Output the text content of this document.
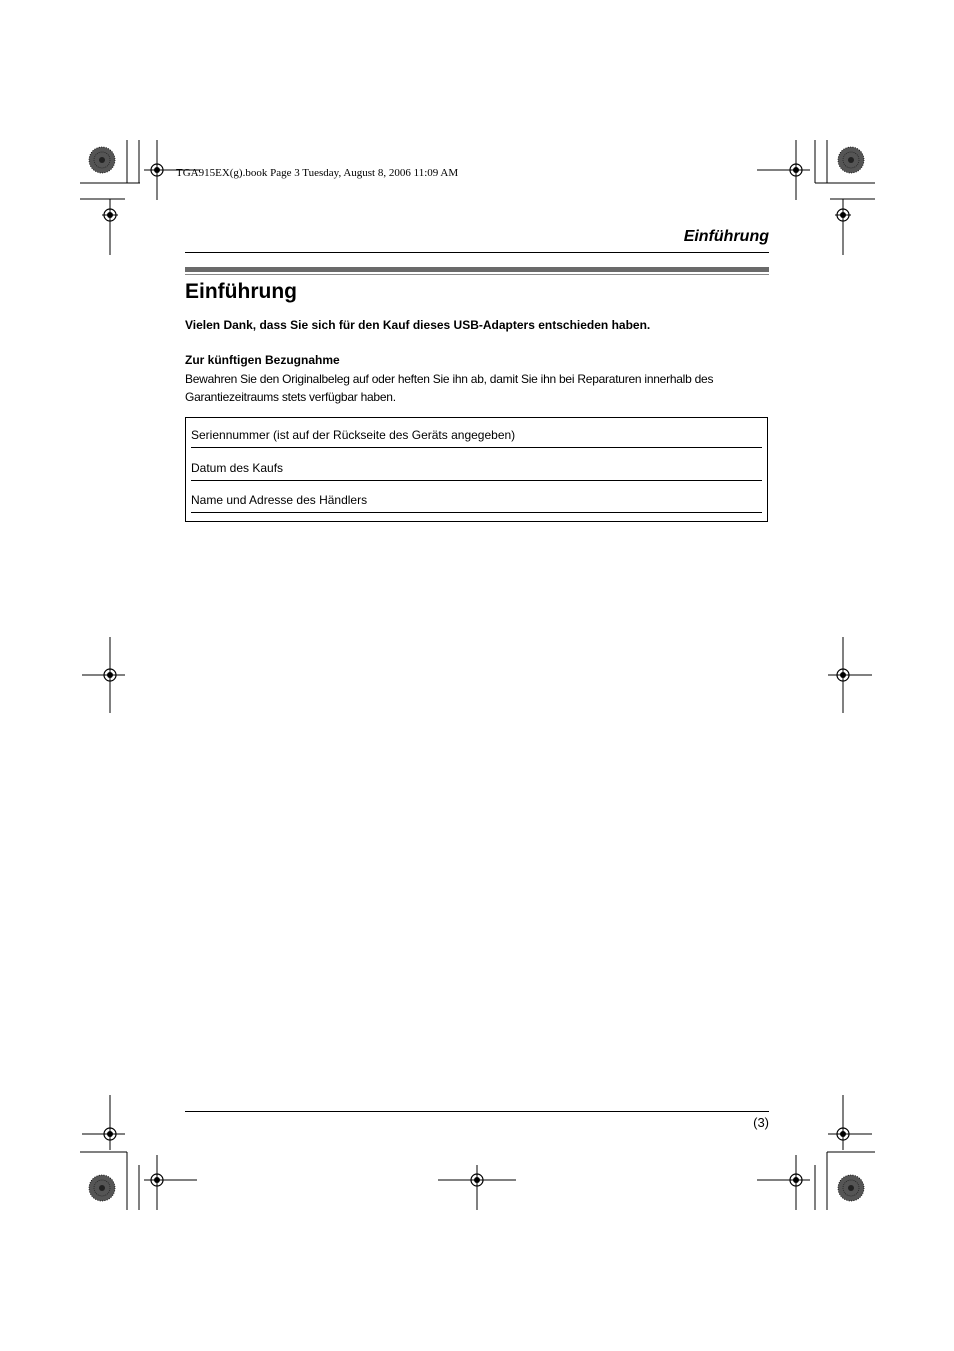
TGA915EX(g).book Page 3 Tuesday, August 8, 2006 11:09 AM
Einführung
Einführung
Vielen Dank, dass Sie sich für den Kauf dieses USB-Adapters entschieden haben.
Zur künftigen Bezugnahme
Bewahren Sie den Originalbeleg auf oder heften Sie ihn ab, damit Sie ihn bei Reparaturen innerhalb des Garantiezeitraums stets verfügbar haben.
Seriennummer (ist auf der Rückseite des Geräts angegeben)
Datum des Kaufs
Name und Adresse des Händlers
(3)
